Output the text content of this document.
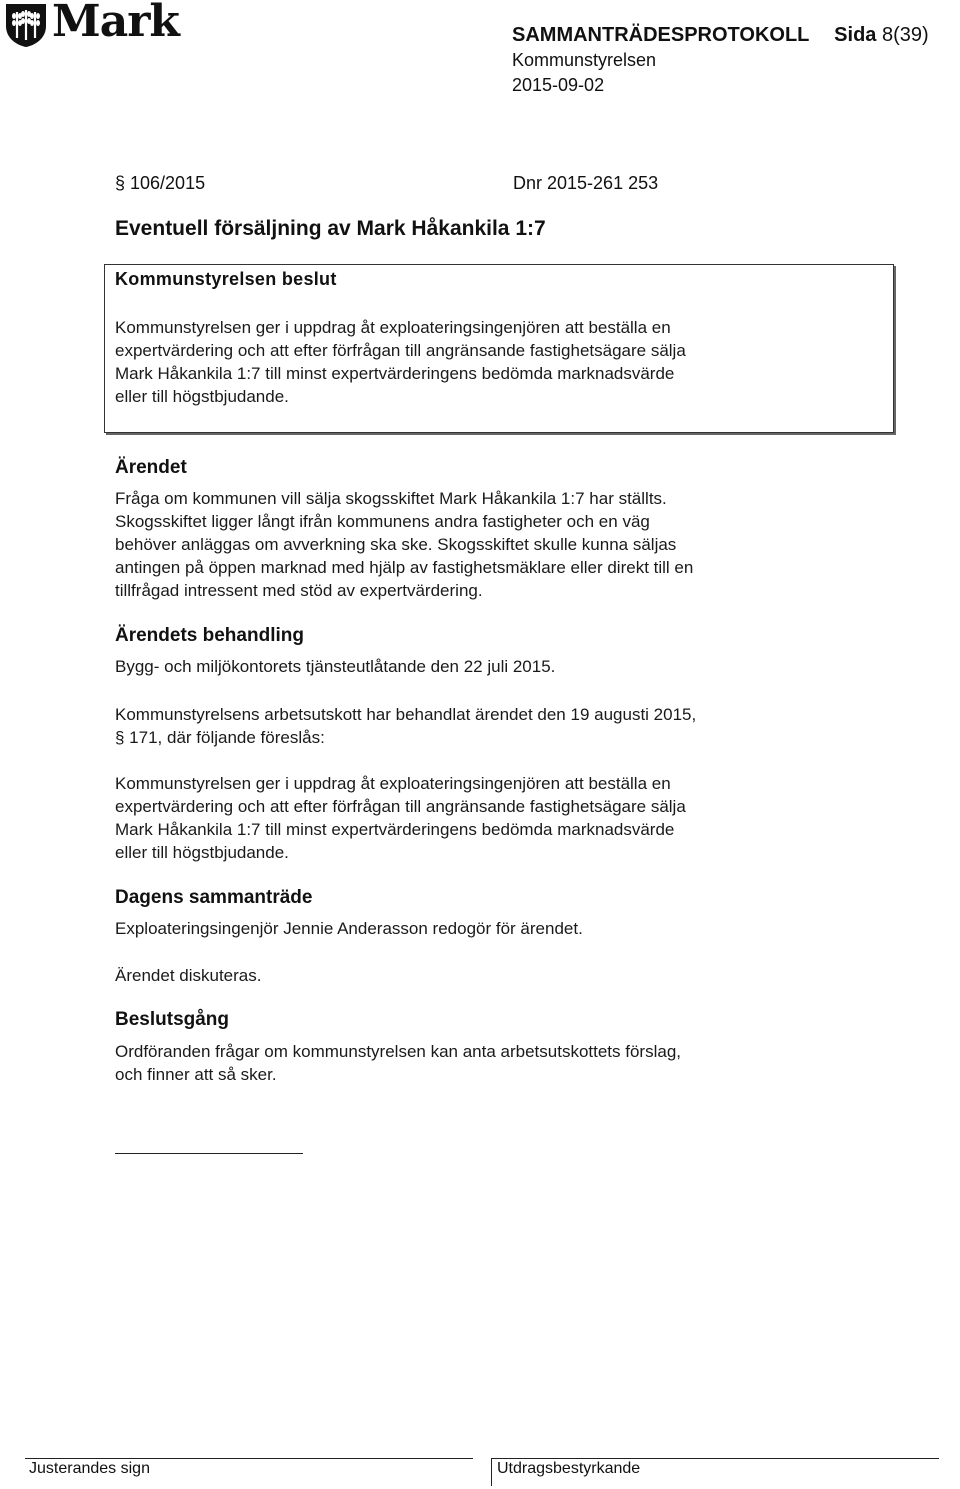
Mark	SAMMANTRÄDESPROTOKOLL Sida 8(39)
Kommunstyrelsen
2015-09-02
§ 106/2015	Dnr 2015-261 253
Eventuell försäljning av Mark Håkankila 1:7
Kommunstyrelsen beslut
Kommunstyrelsen ger i uppdrag åt exploateringsingenjören att beställa en
expertvärdering och att efter förfrågan till angränsande fastighetsägare sälja
Mark Håkankila 1:7 till minst expertvärderingens bedömda marknadsvärde
eller till högstbjudande.
Ärendet
Fråga om kommunen vill sälja skogsskiftet Mark Håkankila 1:7 har ställts.
Skogsskiftet ligger långt ifrån kommunens andra fastigheter och en väg
behöver anläggas om avverkning ska ske. Skogsskiftet skulle kunna säljas
antingen på öppen marknad med hjälp av fastighetsmäklare eller direkt till en
tillfrågad intressent med stöd av expertvärdering.
Ärendets behandling
Bygg- och miljökontorets tjänsteutlåtande den 22 juli 2015.
Kommunstyrelsens arbetsutskott har behandlat ärendet den 19 augusti 2015,
§ 171, där följande föreslås:
Kommunstyrelsen ger i uppdrag åt exploateringsingenjören att beställa en
expertvärdering och att efter förfrågan till angränsande fastighetsägare sälja
Mark Håkankila 1:7 till minst expertvärderingens bedömda marknadsvärde
eller till högstbjudande.
Dagens sammanträde
Exploateringsingenjör Jennie Anderasson redogör för ärendet.
Ärendet diskuteras.
Beslutsgång
Ordföranden frågar om kommunstyrelsen kan anta arbetsutskottets förslag,
och finner att så sker.
Justerandes sign	Utdragsbestyrkande
